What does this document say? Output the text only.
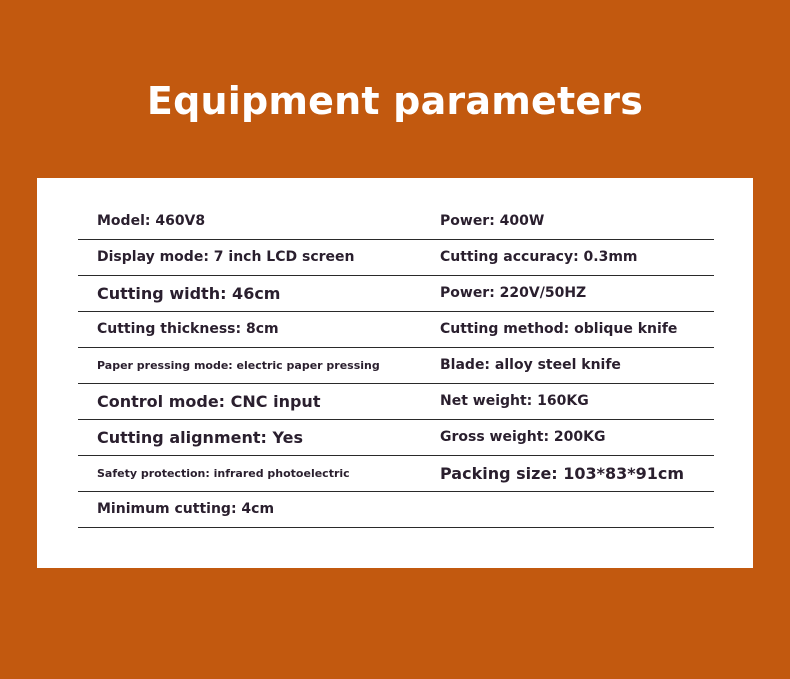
Equipment parameters
Model: 460V8	Power: 400W
Display mode: 7 inch LCD screen	Cutting accuracy: 0.3mm
Cutting width: 46cm	Power: 220V/50HZ
Cutting thickness: 8cm	Cutting method: oblique knife
Paper pressing mode: electric paper pressing	Blade: alloy steel knife
Control mode: CNC input	Net weight: 160KG
Cutting alignment: Yes	Gross weight: 200KG
Safety protection: infrared photoelectric	Packing size: 103*83*91cm
Minimum cutting: 4cm
